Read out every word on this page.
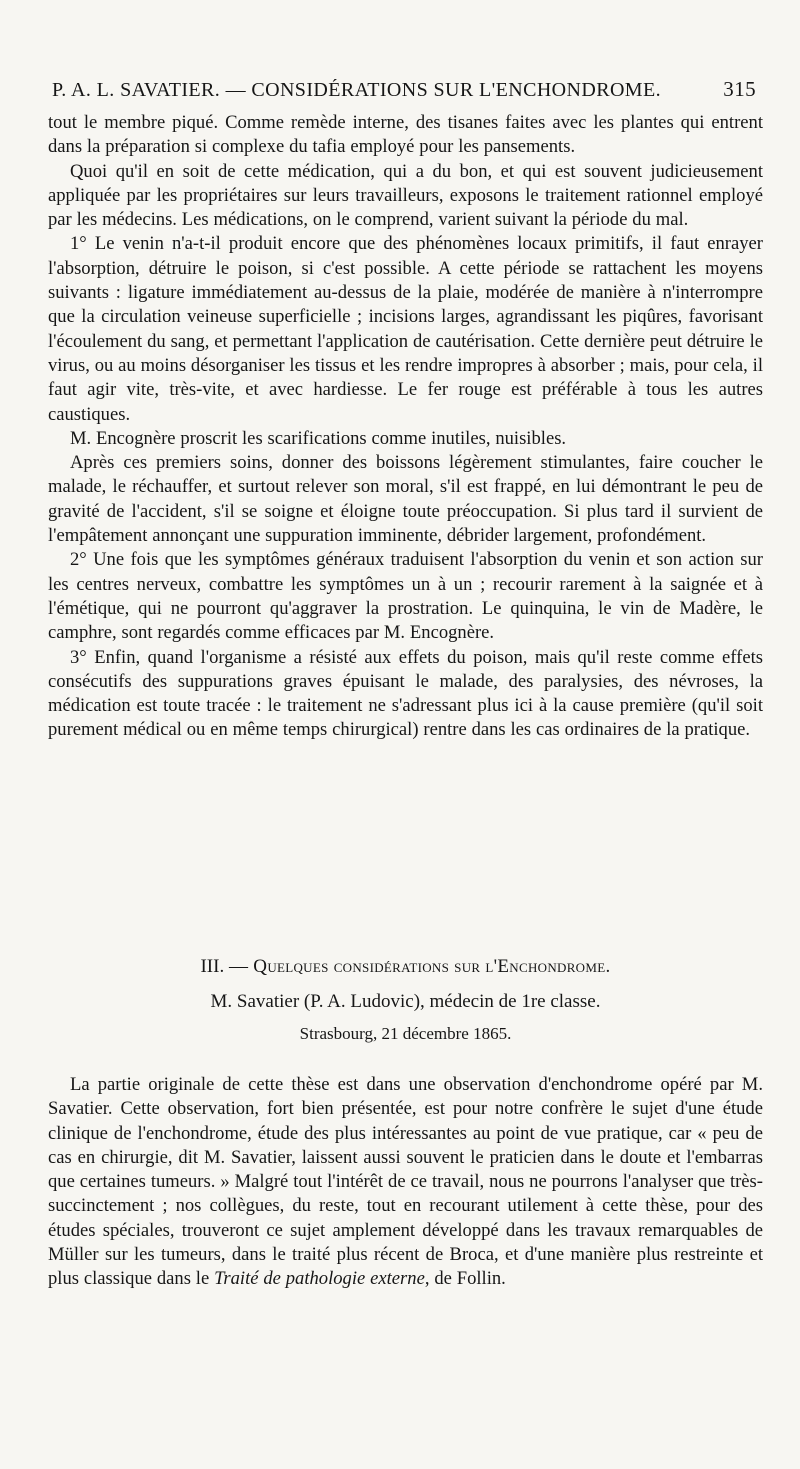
P. A. L. SAVATIER. — CONSIDÉRATIONS SUR L'ENCHONDROME.	315

tout le membre piqué. Comme remède interne, des tisanes faites avec les plantes qui entrent dans la préparation si complexe du tafia employé pour les pansements.

Quoi qu'il en soit de cette médication, qui a du bon, et qui est souvent judicieusement appliquée par les propriétaires sur leurs travailleurs, exposons le traitement rationnel employé par les médecins. Les médications, on le comprend, varient suivant la période du mal.

1° Le venin n'a-t-il produit encore que des phénomènes locaux primitifs, il faut enrayer l'absorption, détruire le poison, si c'est possible. A cette période se rattachent les moyens suivants : ligature immédiatement au-dessus de la plaie, modérée de manière à n'interrompre que la circulation veineuse superficielle ; incisions larges, agrandissant les piqûres, favorisant l'écoulement du sang, et permettant l'application de cautérisation. Cette dernière peut détruire le virus, ou au moins désorganiser les tissus et les rendre impropres à absorber ; mais, pour cela, il faut agir vite, très-vite, et avec hardiesse. Le fer rouge est préférable à tous les autres caustiques.

M. Encognère proscrit les scarifications comme inutiles, nuisibles.

Après ces premiers soins, donner des boissons légèrement stimulantes, faire coucher le malade, le réchauffer, et surtout relever son moral, s'il est frappé, en lui démontrant le peu de gravité de l'accident, s'il se soigne et éloigne toute préoccupation. Si plus tard il survient de l'empâtement annonçant une suppuration imminente, débrider largement, profondément.

2° Une fois que les symptômes généraux traduisent l'absorption du venin et son action sur les centres nerveux, combattre les symptômes un à un ; recourir rarement à la saignée et à l'émétique, qui ne pourront qu'aggraver la prostration. Le quinquina, le vin de Madère, le camphre, sont regardés comme efficaces par M. Encognère.

3° Enfin, quand l'organisme a résisté aux effets du poison, mais qu'il reste comme effets consécutifs des suppurations graves épuisant le malade, des paralysies, des névroses, la médication est toute tracée : le traitement ne s'adressant plus ici à la cause première (qu'il soit purement médical ou en même temps chirurgical) rentre dans les cas ordinaires de la pratique.

III. — Quelques considérations sur l'Enchondrome.
M. Savatier (P. A. Ludovic), médecin de 1re classe.
Strasbourg, 21 décembre 1865.

La partie originale de cette thèse est dans une observation d'enchondrome opéré par M. Savatier. Cette observation, fort bien présentée, est pour notre confrère le sujet d'une étude clinique de l'enchondrome, étude des plus intéressantes au point de vue pratique, car « peu de cas en chirurgie, dit M. Savatier, laissent aussi souvent le praticien dans le doute et l'embarras que certaines tumeurs. » Malgré tout l'intérêt de ce travail, nous ne pourrons l'analyser que très-succinctement ; nos collègues, du reste, tout en recourant utilement à cette thèse, pour des études spéciales, trouveront ce sujet amplement développé dans les travaux remarquables de Müller sur les tumeurs, dans le traité plus récent de Broca, et d'une manière plus restreinte et plus classique dans le Traité de pathologie externe, de Follin.
